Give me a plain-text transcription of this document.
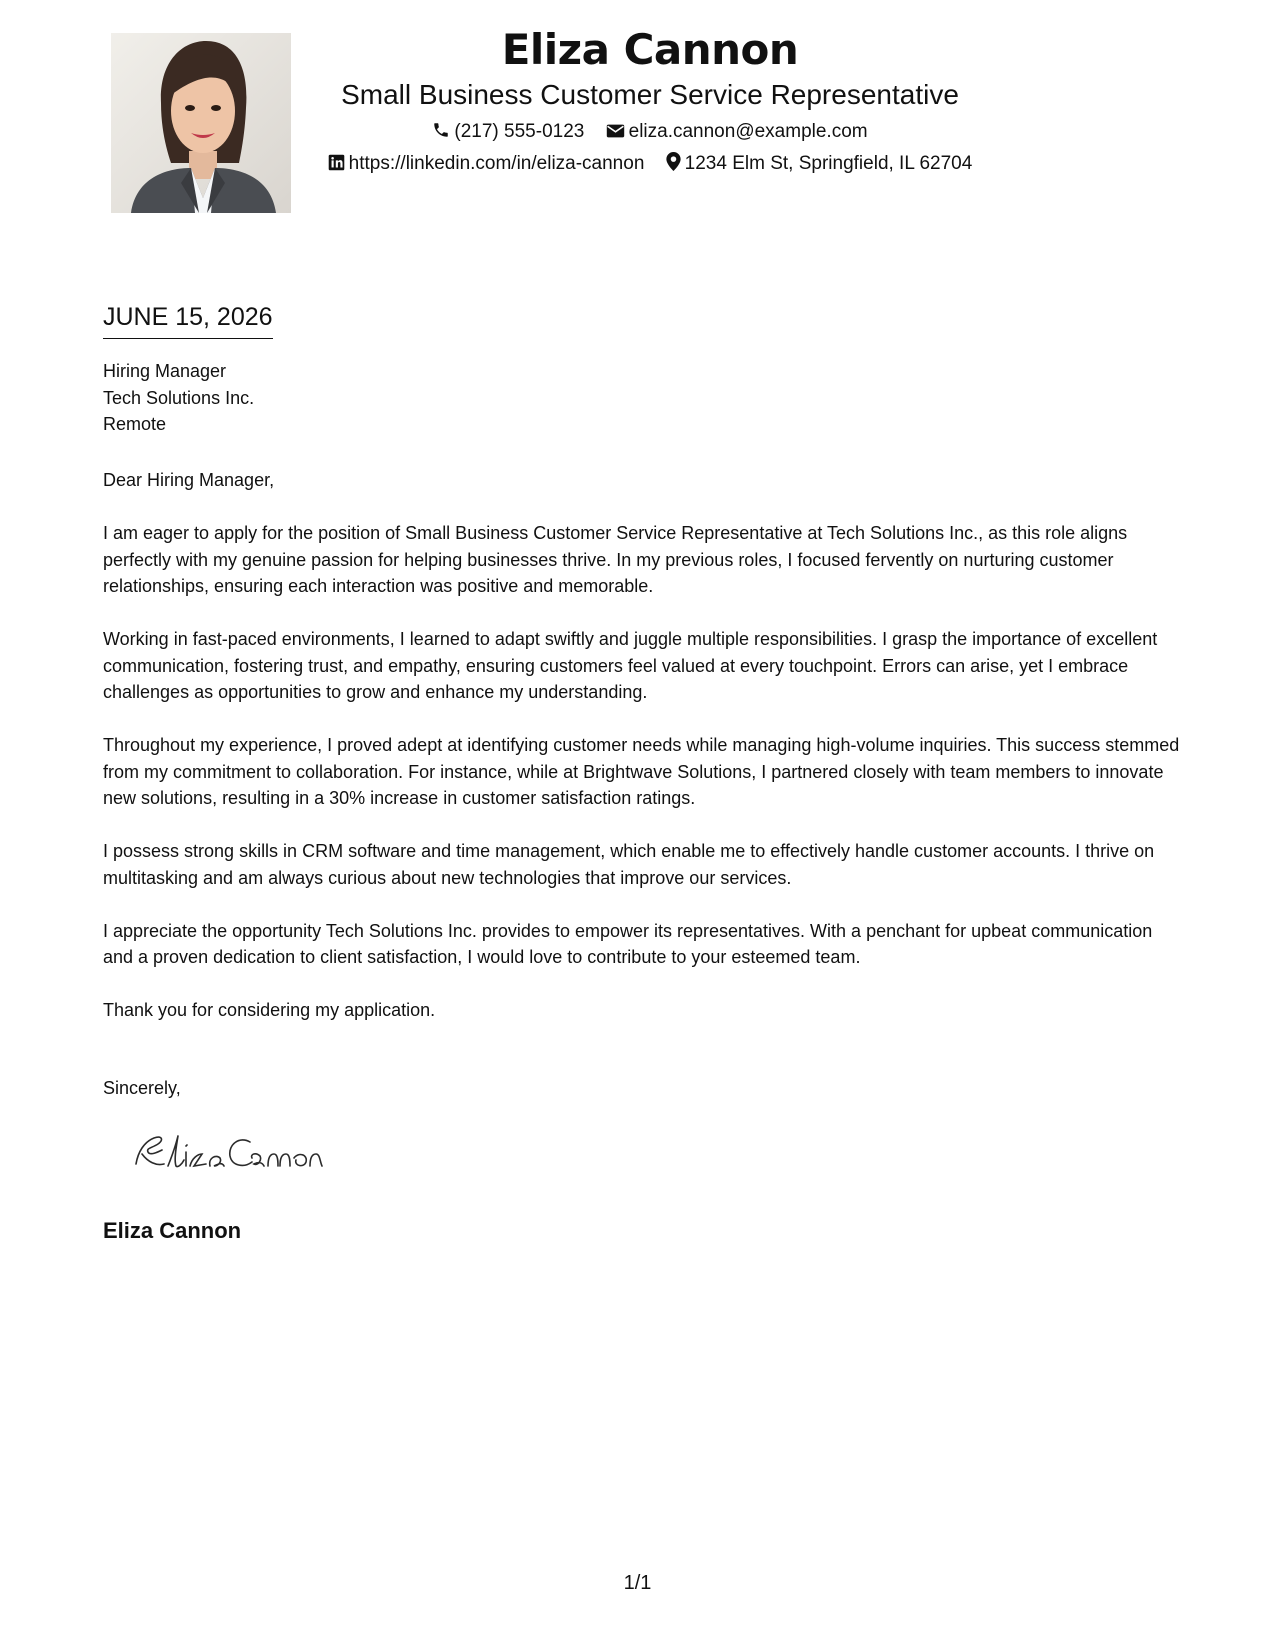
Eliza Cannon
Small Business Customer Service Representative
(217) 555-0123 eliza.cannon@example.com
https://linkedin.com/in/eliza-cannon 1234 Elm St, Springfield, IL 62704
JUNE 15, 2026
Hiring Manager
Tech Solutions Inc.
Remote

Dear Hiring Manager,

I am eager to apply for the position of Small Business Customer Service Representative at Tech Solutions Inc., as this role aligns perfectly with my genuine passion for helping businesses thrive. In my previous roles, I focused fervently on nurturing customer relationships, ensuring each interaction was positive and memorable.

Working in fast-paced environments, I learned to adapt swiftly and juggle multiple responsibilities. I grasp the importance of excellent communication, fostering trust, and empathy, ensuring customers feel valued at every touchpoint. Errors can arise, yet I embrace challenges as opportunities to grow and enhance my understanding.

Throughout my experience, I proved adept at identifying customer needs while managing high-volume inquiries. This success stemmed from my commitment to collaboration. For instance, while at Brightwave Solutions, I partnered closely with team members to innovate new solutions, resulting in a 30% increase in customer satisfaction ratings.

I possess strong skills in CRM software and time management, which enable me to effectively handle customer accounts. I thrive on multitasking and am always curious about new technologies that improve our services.

I appreciate the opportunity Tech Solutions Inc. provides to empower its representatives. With a penchant for upbeat communication and a proven dedication to client satisfaction, I would love to contribute to your esteemed team.

Thank you for considering my application.

Sincerely,
Eliza Cannon
1/1
